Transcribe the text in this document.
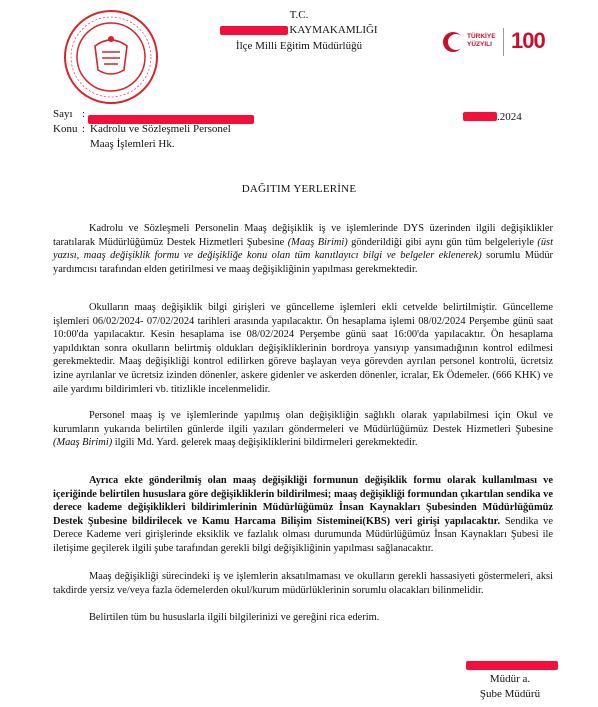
T.C.
KAYMAKAMLIĞI
İlçe Milli Eğitim Müdürlüğü
TÜRKİYE
YÜZYILI 100
Sayı :	.2024
Konu : Kadrolu ve Sözleşmeli Personel
Maaş İşlemleri Hk.
DAĞITIM YERLERİNE
Kadrolu ve Sözleşmeli Personelin Maaş değişiklik iş ve işlemlerinde DYS üzerinden ilgili değişiklikler taratılarak Müdürlüğümüz Destek Hizmetleri Şubesine (Maaş Birimi) gönderildiği gibi aynı gün tüm belgeleriyle (üst yazısı, maaş değişiklik formu ve değişikliğe konu olan tüm kanıtlayıcı bilgi ve belgeler eklenerek) sorumlu Müdür yardımcısı tarafından elden getirilmesi ve maaş değişikliğinin yapılması gerekmektedir.
Okulların maaş değişiklik bilgi girişleri ve güncelleme işlemleri ekli cetvelde belirtilmiştir. Güncelleme işlemleri 06/02/2024- 07/02/2024 tarihleri arasında yapılacaktır. Ön hesaplama işlemi 08/02/2024 Perşembe günü saat 10:00'da yapılacaktır. Kesin hesaplama ise 08/02/2024 Perşembe günü saat 16:00'da yapılacaktır. Ön hesaplama yapıldıktan sonra okulların belirtmiş oldukları değişikliklerinin bordroya yansıyıp yansımadığının kontrol edilmesi gerekmektedir. Maaş değişikliği kontrol edilirken göreve başlayan veya görevden ayrılan personel kontrolü, ücretsiz izine ayrılanlar ve ücretsiz izinden dönenler, askere gidenler ve askerden dönenler, icralar, Ek Ödemeler. (666 KHK) ve aile yardımı bildirimleri vb. titizlikle incelenmelidir.
Personel maaş iş ve işlemlerinde yapılmış olan değişikliğin sağlıklı olarak yapılabilmesi için Okul ve kurumların yukarıda belirtilen günlerde ilgili yazıları göndermeleri ve Müdürlüğümüz Destek Hizmetleri Şubesine (Maaş Birimi) ilgili Md. Yard. gelerek maaş değişikliklerini bildirmeleri gerekmektedir.
Ayrıca ekte gönderilmiş olan maaş değişikliği formunun değişiklik formu olarak kullanılması ve içeriğinde belirtilen hususlara göre değişikliklerin bildirilmesi; maaş değişikliği formundan çıkartılan sendika ve derece kademe değişiklikleri bildirimlerinin Müdürlüğümüz İnsan Kaynakları Şubesinden Müdürlüğümüz Destek Şubesine bildirilecek ve Kamu Harcama Bilişim Sisteminei(KBS) veri girişi yapılacaktır. Sendika ve Derece Kademe veri girişlerinde eksiklik ve fazlalık olması durumunda Müdürlüğümüz İnsan Kaynakları Şubesi ile iletişime geçilerek ilgili şube tarafından gerekli bilgi değişikliğinin yapılması sağlanacaktır.
Maaş değişikliği sürecindeki iş ve işlemlerin aksatılmaması ve okulların gerekli hassasiyeti göstermeleri, aksi takdirde yersiz ve/veya fazla ödemelerden okul/kurum müdürlüklerinin sorumlu olacakları bilinmelidir.
Belirtilen tüm bu hususlarla ilgili bilgilerinizi ve gereğini rica ederim.
Müdür a.
Şube Müdürü
